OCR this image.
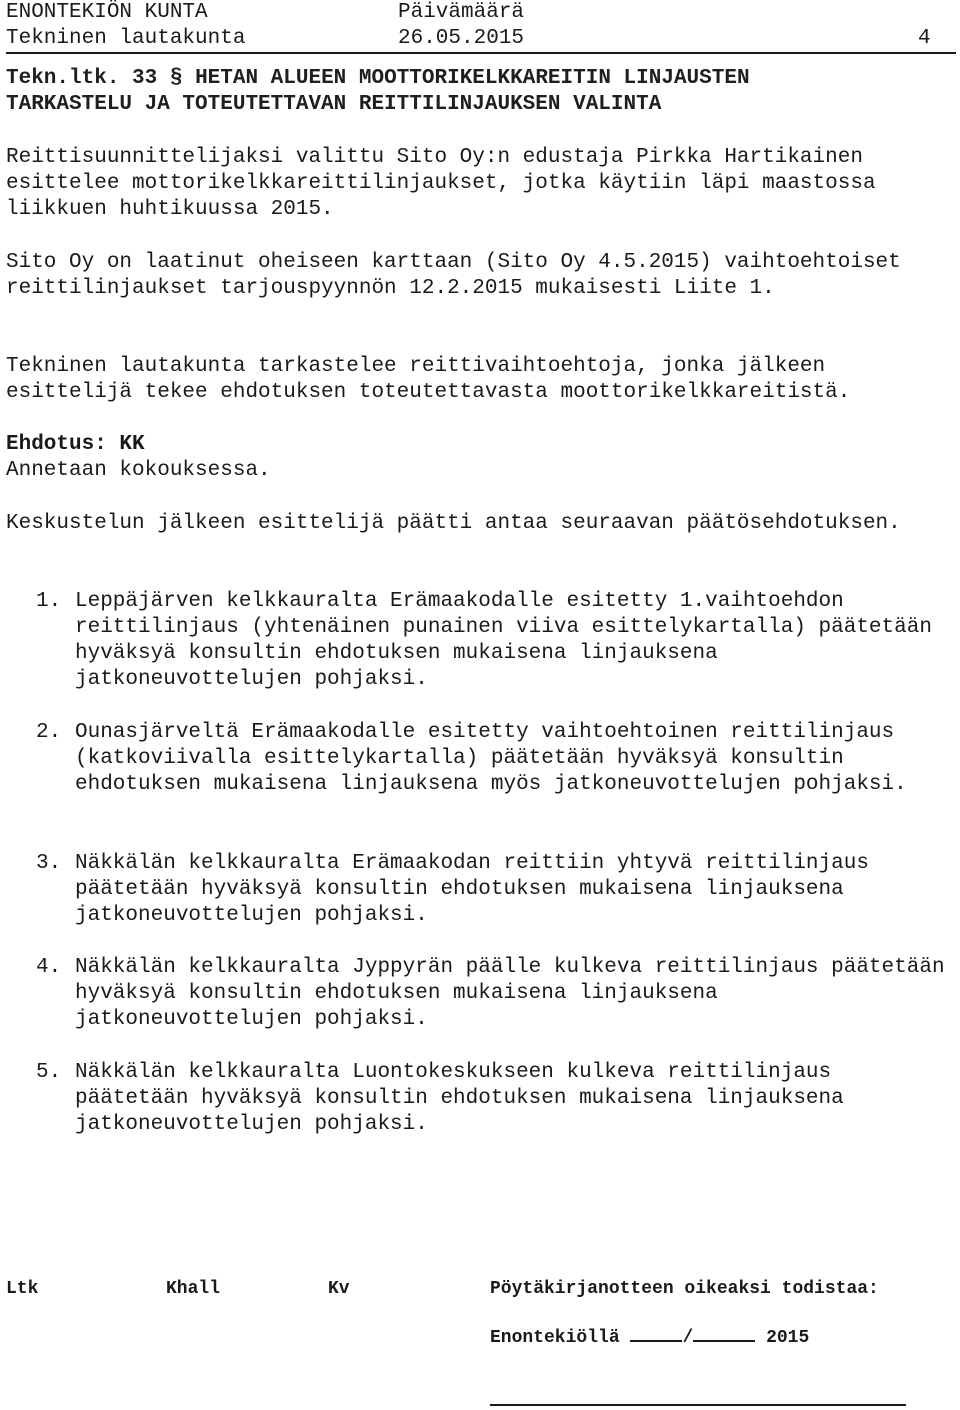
ENONTEKIÖN KUNTA	Päivämäärä
Tekninen lautakunta	26.05.2015	4
Tekn.ltk. 33 § HETAN ALUEEN MOOTTORIKELKKAREITIN LINJAUSTEN
TARKASTELU JA TOTEUTETTAVAN REITTILINJAUKSEN VALINTA

Reittisuunnittelijaksi valittu Sito Oy:n edustaja Pirkka Hartikainen esittelee mottorikelkkareittilinjaukset, jotka käytiin läpi maastossa liikkuen huhtikuussa 2015.

Sito Oy on laatinut oheiseen karttaan (Sito Oy 4.5.2015) vaihtoehtoiset reittilinjaukset tarjouspyynnön 12.2.2015 mukaisesti Liite 1.

Tekninen lautakunta tarkastelee reittivaihtoehtoja, jonka jälkeen esittelijä tekee ehdotuksen toteutettavasta moottorikelkkareitistä.

Ehdotus: KK
Annetaan kokouksessa.

Keskustelun jälkeen esittelijä päätti antaa seuraavan päätösehdotuksen.

1. Leppäjärven kelkkauralta Erämaakodalle esitetty 1.vaihtoehdon reittilinjaus (yhtenäinen punainen viiva esittelykartalla) päätetään hyväksyä konsultin ehdotuksen mukaisena linjauksena jatkoneuvottelujen pohjaksi.
2. Ounasjärveltä Erämaakodalle esitetty vaihtoehtoinen reittilinjaus (katkoviivalla esittelykartalla) päätetään hyväksyä konsultin ehdotuksen mukaisena linjauksena myös jatkoneuvottelujen pohjaksi.
3. Näkkälän kelkkauralta Erämaakodan reittiin yhtyvä reittilinjaus päätetään hyväksyä konsultin ehdotuksen mukaisena linjauksena jatkoneuvottelujen pohjaksi.
4. Näkkälän kelkkauralta Jyppyrän päälle kulkeva reittilinjaus päätetään hyväksyä konsultin ehdotuksen mukaisena linjauksena jatkoneuvottelujen pohjaksi.
5. Näkkälän kelkkauralta Luontokeskukseen kulkeva reittilinjaus päätetään hyväksyä konsultin ehdotuksen mukaisena linjauksena jatkoneuvottelujen pohjaksi.
Ltk	Khall	Kv	Pöytäkirjanotteen oikeaksi todistaa:
Enontekiöllä	/	2015
